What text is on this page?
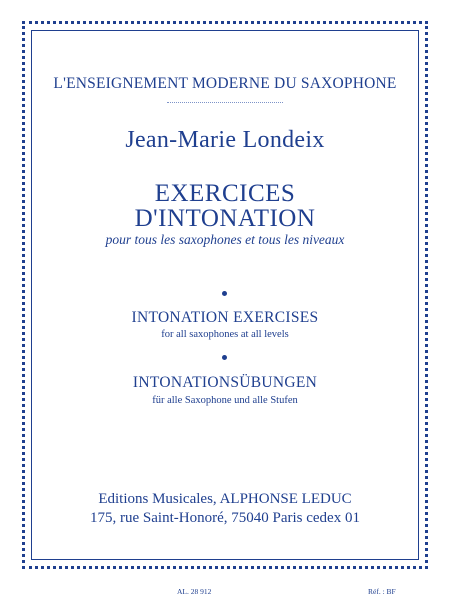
L'ENSEIGNEMENT MODERNE DU SAXOPHONE
Jean-Marie Londeix
EXERCICES
D'INTONATION
pour tous les saxophones et tous les niveaux
INTONATION EXERCISES
for all saxophones at all levels
INTONATIONSÜBUNGEN
für alle Saxophone und alle Stufen
Editions Musicales, ALPHONSE LEDUC
175, rue Saint-Honoré, 75040 Paris cedex 01
AL. 28 912	Réf. : BF
